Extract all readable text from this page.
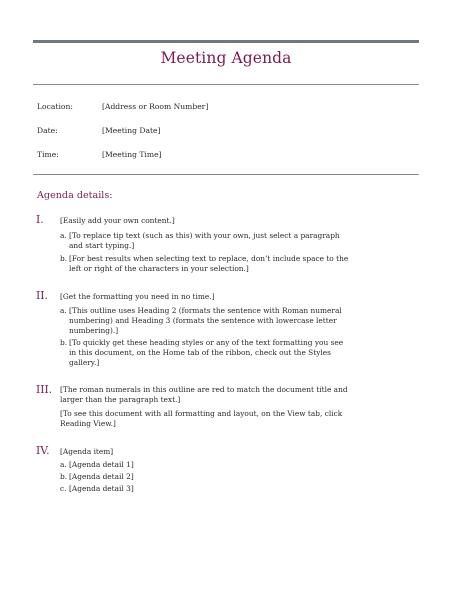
Meeting Agenda
Location:	[Address or Room Number]
Date:	[Meeting Date]
Time:	[Meeting Time]
Agenda details:
I. [Easily add your own content.]
a. [To replace tip text (such as this) with your own, just select a paragraph and start typing.]
b. [For best results when selecting text to replace, don’t include space to the left or right of the characters in your selection.]
II. [Get the formatting you need in no time.]
a. [This outline uses Heading 2 (formats the sentence with Roman numeral numbering) and Heading 3 (formats the sentence with lowercase letter numbering).]
b. [To quickly get these heading styles or any of the text formatting you see in this document, on the Home tab of the ribbon, check out the Styles gallery.]
III. [The roman numerals in this outline are red to match the document title and larger than the paragraph text.]
[To see this document with all formatting and layout, on the View tab, click Reading View.]
IV. [Agenda item]
a. [Agenda detail 1]
b. [Agenda detail 2]
c. [Agenda detail 3]
